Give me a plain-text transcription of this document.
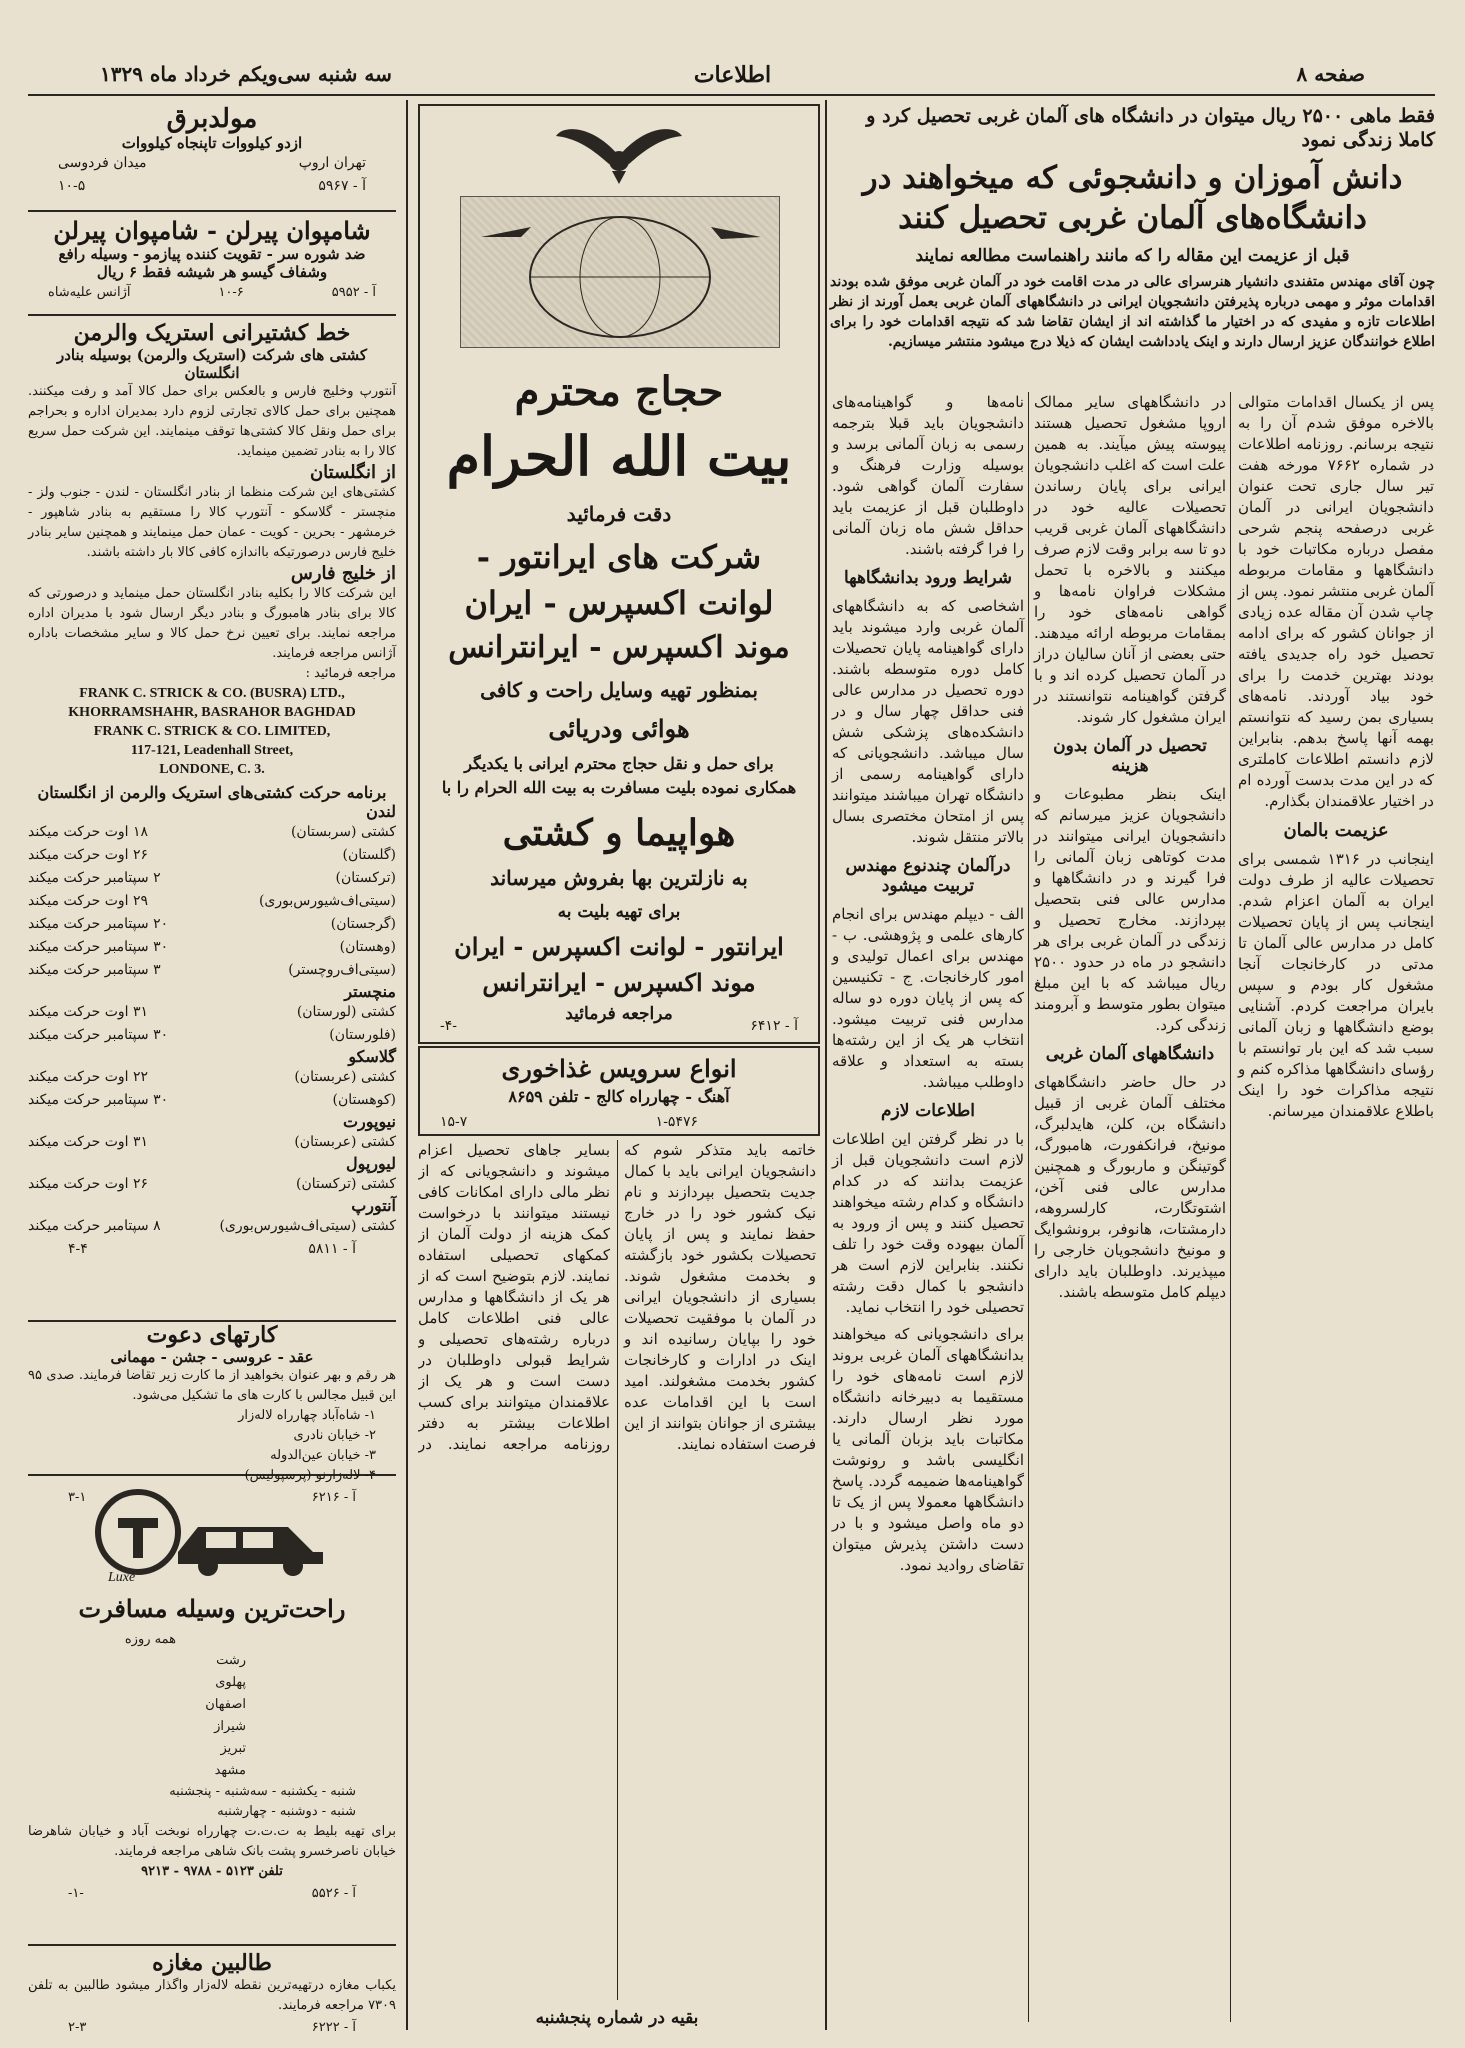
صفحه ۸
اطلاعات
سه شنبه سی‌ویکم خرداد ماه ۱۳۲۹
فقط ماهی ۲۵۰۰ ریال میتوان در دانشگاه های آلمان غربی تحصیل کرد و کاملا زندگی نمود
دانش آموزان و دانشجوئی که میخواهند در دانشگاه‌های آلمان غربی تحصیل کنند
قبل از عزیمت این مقاله را که مانند راهنماست مطالعه نمایند
چون آقای مهندس متفندی دانشیار هنرسرای عالی در مدت اقامت خود در آلمان غربی موفق شده بودند اقدامات موثر و مهمی درباره پذیرفتن دانشجویان ایرانی در دانشگاههای آلمان غربی بعمل آورند از نظر اطلاعات تازه و مفیدی که در اختیار ما گذاشته اند از ایشان تقاضا شد که نتیجه اقدامات خود را برای اطلاع خوانندگان عزیز ارسال دارند و اینک یادداشت ایشان که ذیلا درج میشود منتشر میسازیم.
پس از یکسال اقدامات متوالی بالاخره موفق شدم آن را به نتیجه برسانم. روزنامه اطلاعات در شماره ۷۶۶۲ مورخه هفت تیر سال جاری تحت عنوان دانشجویان ایرانی در آلمان غربی درصفحه پنجم شرحی مفصل درباره مکاتبات خود با دانشگاهها و مقامات مربوطه آلمان غربی منتشر نمود. پس از چاپ شدن آن مقاله عده زیادی از جوانان کشور که برای ادامه تحصیل خود راه جدیدی یافته بودند بهترین خدمت را برای خود بیاد آوردند. نامه‌های بسیاری بمن رسید که نتوانستم بهمه آنها پاسخ بدهم. بنابراین لازم دانستم اطلاعات کاملتری که در این مدت بدست آورده ام در اختیار علاقمندان بگذارم.
عزیمت بالمان
اینجانب در ۱۳۱۶ شمسی برای تحصیلات عالیه از طرف دولت ایران به آلمان اعزام شدم. اینجانب پس از پایان تحصیلات کامل در مدارس عالی آلمان تا مدتی در کارخانجات آنجا مشغول کار بودم و سپس بایران مراجعت کردم. آشنایی بوضع دانشگاهها و زبان آلمانی سبب شد که این بار توانستم با رؤسای دانشگاهها مذاکره کنم و نتیجه مذاکرات خود را اینک باطلاع علاقمندان میرسانم.
در دانشگاههای سایر ممالک اروپا مشغول تحصیل هستند پیوسته پیش میآیند. به همین علت است که اغلب دانشجویان ایرانی برای پایان رساندن تحصیلات عالیه خود در دانشگاههای آلمان غربی قریب دو تا سه برابر وقت لازم صرف میکنند و بالاخره با تحمل مشکلات فراوان نامه‌ها و گواهی نامه‌های خود را بمقامات مربوطه ارائه میدهند. حتی بعضی از آنان سالیان دراز در آلمان تحصیل کرده اند و با گرفتن گواهینامه نتوانستند در ایران مشغول کار شوند.
تحصیل در آلمان بدون هزینه
اینک بنظر مطبوعات و دانشجویان عزیز میرسانم که دانشجویان ایرانی میتوانند در مدت کوتاهی زبان آلمانی را فرا گیرند و در دانشگاهها و مدارس عالی فنی بتحصیل بپردازند. مخارج تحصیل و زندگی در آلمان غربی برای هر دانشجو در ماه در حدود ۲۵۰۰ ریال میباشد که با این مبلغ میتوان بطور متوسط و آبرومند زندگی کرد.
دانشگاههای آلمان غربی
در حال حاضر دانشگاههای مختلف آلمان غربی از قبیل دانشگاه بن، کلن، هایدلبرگ، مونیخ، فرانکفورت، هامبورگ، گوتینگن و ماربورگ و همچنین مدارس عالی فنی آخن، اشتوتگارت، کارلسروهه، دارمشتات، هانوفر، برونشوایگ و مونیخ دانشجویان خارجی را میپذیرند. داوطلبان باید دارای دیپلم کامل متوسطه باشند.
نامه‌ها و گواهینامه‌های دانشجویان باید قبلا بترجمه رسمی به زبان آلمانی برسد و بوسیله وزارت فرهنگ و سفارت آلمان گواهی شود. داوطلبان قبل از عزیمت باید حداقل شش ماه زبان آلمانی را فرا گرفته باشند.
شرایط ورود بدانشگاهها
اشخاصی که به دانشگاههای آلمان غربی وارد میشوند باید دارای گواهینامه پایان تحصیلات کامل دوره متوسطه باشند. دوره تحصیل در مدارس عالی فنی حداقل چهار سال و در دانشکده‌های پزشکی شش سال میباشد. دانشجویانی که دارای گواهینامه رسمی از دانشگاه تهران میباشند میتوانند پس از امتحان مختصری بسال بالاتر منتقل شوند.
درآلمان چندنوع مهندس تربیت میشود
الف - دیپلم مهندس برای انجام کارهای علمی و پژوهشی. ب - مهندس برای اعمال تولیدی و امور کارخانجات. ج - تکنیسین که پس از پایان دوره دو ساله مدارس فنی تربیت میشود. انتخاب هر یک از این رشته‌ها بسته به استعداد و علاقه داوطلب میباشد.
اطلاعات لازم
با در نظر گرفتن این اطلاعات لازم است دانشجویان قبل از عزیمت بدانند که در کدام دانشگاه و کدام رشته میخواهند تحصیل کنند و پس از ورود به آلمان بیهوده وقت خود را تلف نکنند. بنابراین لازم است هر دانشجو با کمال دقت رشته تحصیلی خود را انتخاب نماید.
برای دانشجویانی که میخواهند بدانشگاههای آلمان غربی بروند لازم است نامه‌های خود را مستقیما به دبیرخانه دانشگاه مورد نظر ارسال دارند. مکاتبات باید بزبان آلمانی یا انگلیسی باشد و رونوشت گواهینامه‌ها ضمیمه گردد. پاسخ دانشگاهها معمولا پس از یک تا دو ماه واصل میشود و با در دست داشتن پذیرش میتوان تقاضای روادید نمود.
حجاج محترم
بیت الله الحرام
دقت فرمائید
شرکت های ایرانتور -
لوانت اکسپرس - ایران
موند اکسپرس - ایرانترانس
بمنظور تهیه وسایل راحت و کافی
هوائی ودریائی
برای حمل و نقل حجاج محترم ایرانی با یکدیگر همکاری نموده بلیت مسافرت به بیت الله الحرام را با
هواپیما و کشتی
به نازلترین بها بفروش میرساند
برای تهیه بلیت به
ایرانتور - لوانت اکسپرس - ایران
موند اکسپرس - ایرانترانس
مراجعه فرمائید
آ - ۶۴۱۲
-۴-
انواع سرویس غذاخوری
آهنگ - چهارراه کالج - تلفن ۸۶۵۹
۱-۵۴۷۶
۱۵-۷
بسایر جاهای تحصیل اعزام میشوند و دانشجویانی که از نظر مالی دارای امکانات کافی نیستند میتوانند با درخواست کمک هزینه از دولت آلمان از کمکهای تحصیلی استفاده نمایند. لازم بتوضیح است که از هر یک از دانشگاهها و مدارس عالی فنی اطلاعات کامل درباره رشته‌های تحصیلی و شرایط قبولی داوطلبان در دست است و هر یک از علاقمندان میتوانند برای کسب اطلاعات بیشتر به دفتر روزنامه مراجعه نمایند. در خاتمه باید متذکر شوم که دانشجویان ایرانی باید با کمال جدیت بتحصیل بپردازند و نام نیک کشور خود را در خارج حفظ نمایند و پس از پایان تحصیلات بکشور خود بازگشته و بخدمت مشغول شوند. بسیاری از دانشجویان ایرانی در آلمان با موفقیت تحصیلات خود را بپایان رسانیده اند و اینک در ادارات و کارخانجات کشور بخدمت مشغولند. امید است با این اقدامات عده بیشتری از جوانان بتوانند از این فرصت استفاده نمایند.
بقیه در شماره پنجشنبه
مولدبرق
ازدو کیلووات تاپنجاه کیلووات
تهران اروپ
میدان فردوسی
آ - ۵۹۶۷
۱۰-۵
شامپوان پیرلن - شامپوان پیرلن
ضد شوره سر - تقویت کننده پیازمو - وسیله رافع
وشفاف گیسو هر شیشه فقط ۶ ریال
آ - ۵۹۵۲
۱۰-۶
آژانس عليه‌شاه
خط کشتیرانی استریک والرمن
کشتی های شرکت (استریک والرمن) بوسیله بنادر انگلستان
آنتورپ وخلیج فارس و بالعکس برای حمل کالا آمد و رفت میکنند. همچنین برای حمل کالای تجارتی لزوم دارد بمدیران اداره و بحراجم برای حمل ونقل کالا کشتی‌ها توقف مینمایند. این شرکت حمل سریع کالا را به بنادر تضمین مینماید.
از انگلستان
کشتی‌های این شرکت منظما از بنادر انگلستان - لندن - جنوب ولز - منچستر - گلاسکو - آنتورپ کالا را مستقیم به بنادر شاهپور - خرمشهر - بحرین - کویت - عمان حمل مینمایند و همچنین سایر بنادر خلیج فارس درصورتیکه بااندازه کافی کالا بار داشته باشند.
از خلیج فارس
این شرکت کالا را بکلیه بنادر انگلستان حمل مینماید و درصورتی که کالا برای بنادر هامبورگ و بنادر دیگر ارسال شود با مدیران اداره مراجعه نمایند. برای تعیین نرخ حمل کالا و سایر مشخصات باداره آژانس مراجعه فرمایند.
مراجعه فرمائید :
FRANK C. STRICK & CO. (BUSRA) LTD.,
KHORRAMSHAHR, BASRAHOR BAGHDAD
FRANK C. STRICK & CO. LIMITED,
117-121, Leadenhall Street,
LONDONE, C. 3.
برنامه حرکت کشتی‌های استریک والرمن از انگلستان
لندن
کشتی (سربستان)
۱۸ اوت حرکت میکند
(گلستان)
۲۶ اوت حرکت میکند
(ترکستان)
۲ سپتامبر حرکت میکند
(سیتی‌اف‌شیورس‌بوری)
۲۹ اوت حرکت میکند
(گرجستان)
۲۰ سپتامبر حرکت میکند
(وهستان)
۳۰ سپتامبر حرکت میکند
(سیتی‌اف‌روچستر)
۳ سپتامبر حرکت میکند
منچستر
کشتی (لورستان)
۳۱ اوت حرکت میکند
(فلورستان)
۳۰ سپتامبر حرکت میکند
گلاسکو
کشتی (عربستان)
۲۲ اوت حرکت میکند
(کوهستان)
۳۰ سپتامبر حرکت میکند
نیوپورت
کشتی (عربستان)
۳۱ اوت حرکت میکند
لیورپول
کشتی (ترکستان)
۲۶ اوت حرکت میکند
آنتورپ
کشتی (سیتی‌اف‌شیورس‌بوری)
۸ سپتامبر حرکت میکند
آ - ۵۸۱۱
۴-۴
کارتهای دعوت
عقد - عروسی - جشن - مهمانی
هر رقم و بهر عنوان بخواهید از ما کارت زیر تقاضا فرمایند. صدی ۹۵ این قبیل مجالس با کارت های ما تشکیل می‌شود.
۱- شاه‌آباد چهارراه لاله‌زار
۲- خیابان نادری
۳- خیابان عین‌الدوله
۴- لاله‌زارنو (پرسپولیس)
آ - ۶۲۱۶
۳-۱
Luxe
راحت‌ترین وسیله مسافرت
همه روزه
رشت
پهلوی
اصفهان
شیراز
تبریز
مشهد
شنبه - یکشنبه - سه‌شنبه - پنجشنبه
شنبه - دوشنبه - چهارشنبه
برای تهیه بلیط به ت.ت.ت چهارراه نوبخت آباد و خیابان شاهرضا خیابان ناصرخسرو پشت بانک شاهی مراجعه فرمایند.
تلفن ۵۱۲۳ - ۹۷۸۸ - ۹۲۱۳
آ - ۵۵۲۶
-۱-
طالبین مغازه
یکباب مغازه درتهیه‌ترین نقطه لاله‌زار واگذار میشود طالبین به تلفن ۷۳۰۹ مراجعه فرمایند.
آ - ۶۲۲۲
۲-۳
